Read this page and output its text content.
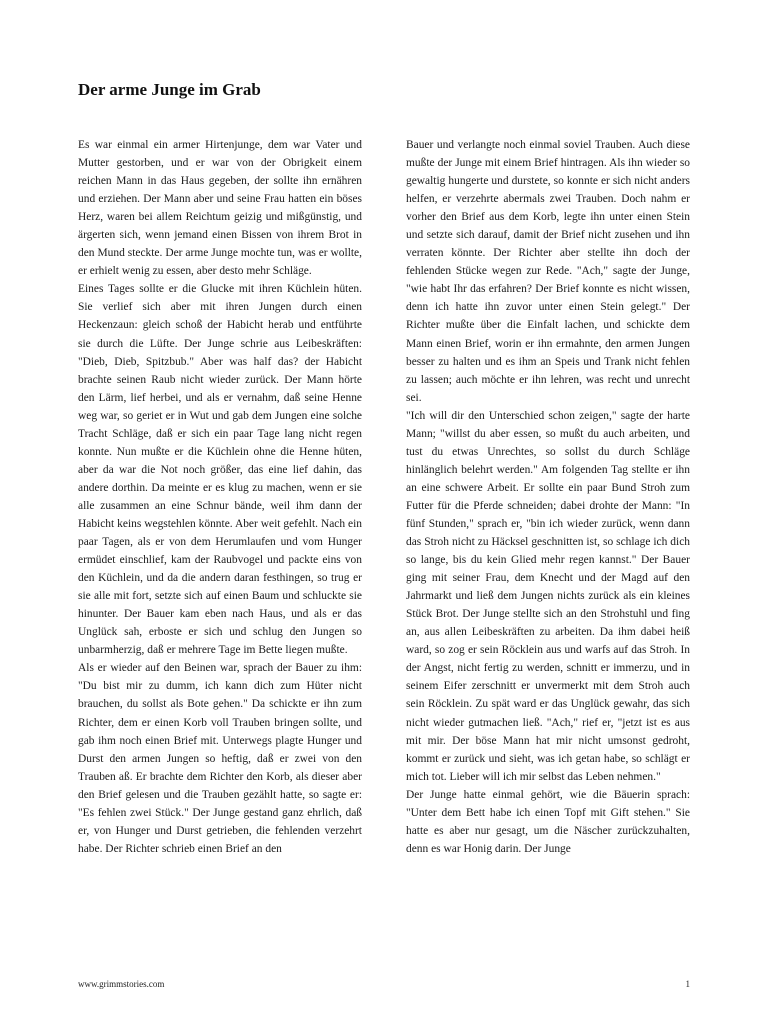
Der arme Junge im Grab

Es war einmal ein armer Hirtenjunge, dem war Vater und Mutter gestorben, und er war von der Obrigkeit einem reichen Mann in das Haus gegeben, der sollte ihn ernähren und erziehen. Der Mann aber und seine Frau hatten ein böses Herz, waren bei allem Reichtum geizig und mißgünstig, und ärgerten sich, wenn jemand einen Bissen von ihrem Brot in den Mund steckte. Der arme Junge mochte tun, was er wollte, er erhielt wenig zu essen, aber desto mehr Schläge.

Eines Tages sollte er die Glucke mit ihren Küchlein hüten. Sie verlief sich aber mit ihren Jungen durch einen Heckenzaun: gleich schoß der Habicht herab und entführte sie durch die Lüfte. Der Junge schrie aus Leibeskräften: "Dieb, Dieb, Spitzbub." Aber was half das? der Habicht brachte seinen Raub nicht wieder zurück. Der Mann hörte den Lärm, lief herbei, und als er vernahm, daß seine Henne weg war, so geriet er in Wut und gab dem Jungen eine solche Tracht Schläge, daß er sich ein paar Tage lang nicht regen konnte. Nun mußte er die Küchlein ohne die Henne hüten, aber da war die Not noch größer, das eine lief dahin, das andere dorthin. Da meinte er es klug zu machen, wenn er sie alle zusammen an eine Schnur bände, weil ihm dann der Habicht keins wegstehlen könnte. Aber weit gefehlt. Nach ein paar Tagen, als er von dem Herumlaufen und vom Hunger ermüdet einschlief, kam der Raubvogel und packte eins von den Küchlein, und da die andern daran festhingen, so trug er sie alle mit fort, setzte sich auf einen Baum und schluckte sie hinunter. Der Bauer kam eben nach Haus, und als er das Unglück sah, erboste er sich und schlug den Jungen so unbarmherzig, daß er mehrere Tage im Bette liegen mußte.

Als er wieder auf den Beinen war, sprach der Bauer zu ihm: "Du bist mir zu dumm, ich kann dich zum Hüter nicht brauchen, du sollst als Bote gehen." Da schickte er ihn zum Richter, dem er einen Korb voll Trauben bringen sollte, und gab ihm noch einen Brief mit. Unterwegs plagte Hunger und Durst den armen Jungen so heftig, daß er zwei von den Trauben aß. Er brachte dem Richter den Korb, als dieser aber den Brief gelesen und die Trauben gezählt hatte, so sagte er: "Es fehlen zwei Stück." Der Junge gestand ganz ehrlich, daß er, von Hunger und Durst getrieben, die fehlenden verzehrt habe. Der Richter schrieb einen Brief an den

Bauer und verlangte noch einmal soviel Trauben. Auch diese mußte der Junge mit einem Brief hintragen. Als ihn wieder so gewaltig hungerte und durstete, so konnte er sich nicht anders helfen, er verzehrte abermals zwei Trauben. Doch nahm er vorher den Brief aus dem Korb, legte ihn unter einen Stein und setzte sich darauf, damit der Brief nicht zusehen und ihn verraten könnte. Der Richter aber stellte ihn doch der fehlenden Stücke wegen zur Rede. "Ach," sagte der Junge, "wie habt Ihr das erfahren? Der Brief konnte es nicht wissen, denn ich hatte ihn zuvor unter einen Stein gelegt." Der Richter mußte über die Einfalt lachen, und schickte dem Mann einen Brief, worin er ihn ermahnte, den armen Jungen besser zu halten und es ihm an Speis und Trank nicht fehlen zu lassen; auch möchte er ihn lehren, was recht und unrecht sei.

"Ich will dir den Unterschied schon zeigen," sagte der harte Mann; "willst du aber essen, so mußt du auch arbeiten, und tust du etwas Unrechtes, so sollst du durch Schläge hinlänglich belehrt werden." Am folgenden Tag stellte er ihn an eine schwere Arbeit. Er sollte ein paar Bund Stroh zum Futter für die Pferde schneiden; dabei drohte der Mann: "In fünf Stunden," sprach er, "bin ich wieder zurück, wenn dann das Stroh nicht zu Häcksel geschnitten ist, so schlage ich dich so lange, bis du kein Glied mehr regen kannst." Der Bauer ging mit seiner Frau, dem Knecht und der Magd auf den Jahrmarkt und ließ dem Jungen nichts zurück als ein kleines Stück Brot. Der Junge stellte sich an den Strohstuhl und fing an, aus allen Leibeskräften zu arbeiten. Da ihm dabei heiß ward, so zog er sein Röcklein aus und warfs auf das Stroh. In der Angst, nicht fertig zu werden, schnitt er immerzu, und in seinem Eifer zerschnitt er unvermerkt mit dem Stroh auch sein Röcklein. Zu spät ward er das Unglück gewahr, das sich nicht wieder gutmachen ließ. "Ach," rief er, "jetzt ist es aus mit mir. Der böse Mann hat mir nicht umsonst gedroht, kommt er zurück und sieht, was ich getan habe, so schlägt er mich tot. Lieber will ich mir selbst das Leben nehmen."

Der Junge hatte einmal gehört, wie die Bäuerin sprach: "Unter dem Bett habe ich einen Topf mit Gift stehen." Sie hatte es aber nur gesagt, um die Näscher zurückzuhalten, denn es war Honig darin. Der Junge

www.grimmstories.com	1
